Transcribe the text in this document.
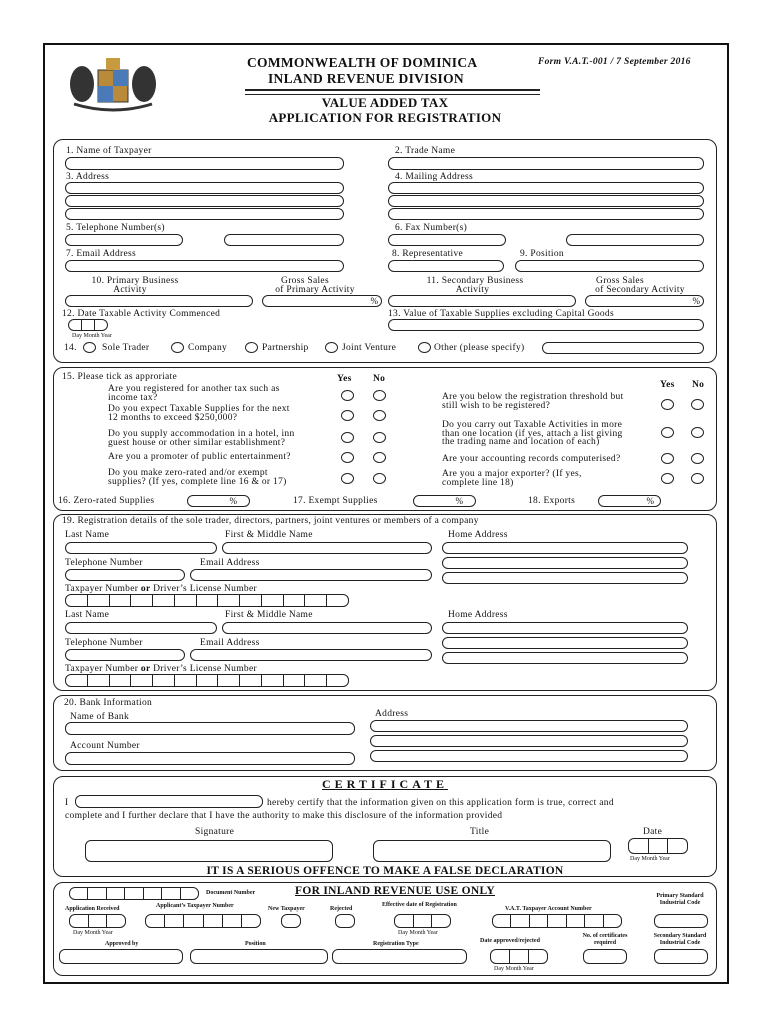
COMMONWEALTH OF DOMINICA
INLAND REVENUE DIVISION
Form V.A.T.-001 / 7 September 2016
VALUE ADDED TAX
APPLICATION FOR REGISTRATION
1. Name of Taxpayer	2. Trade Name
3. Address	4. Mailing Address
5. Telephone Number(s)	6. Fax Number(s)
7. Email Address	8. Representative	9. Position
10. Primary Business
Activity
Gross Sales
of Primary Activity
%
11. Secondary Business
Activity
Gross Sales
of Secondary Activity
%
12. Date Taxable Activity Commenced
Day Month Year
13. Value of Taxable Supplies excluding Capital Goods
14.	Sole Trader	Company	Partnership	Joint Venture	Other (please specify)
15. Please tick as approriate	Yes No
Yes No
Are you registered for another tax such as
income tax?
Do you expect Taxable Supplies for the next
12 months to exceed $250,000?
Do you supply accommodation in a hotel, inn
guest house or other similar establishment?
Are you a promoter of public entertainment?
Do you make zero-rated and/or exempt
supplies? (If yes, complete line 16 & or 17)
Are you below the registration threshold but
still wish to be registered?
Do you carry out Taxable Activities in more
than one location (if yes, attach a list giving
the trading name and location of each)
Are your accounting records computerised?
Are you a major exporter? (If yes,
complete line 18)
16. Zero-rated Supplies	%	17. Exempt Supplies	%	18. Exports	%
19. Registration details of the sole trader, directors, partners, joint ventures or members of a company
Last Name	First & Middle Name	Home Address
Telephone Number	Email Address
Taxpayer Number or Driver’s License Number
Last Name	First & Middle Name	Home Address
Telephone Number	Email Address
Taxpayer Number or Driver’s License Number
20. Bank Information
Name of Bank	Address
Account Number
CERTIFICATE
I	hereby certify that the information given on this application form is true, correct and
complete and I further declare that I have the authority to make this disclosure of the information provided
Signature	Title	Date
Day Month Year
IT IS A SERIOUS OFFENCE TO MAKE A FALSE DECLARATION
Document Number	FOR INLAND REVENUE USE ONLY
Application Received	Applicant’s Taxpayer Number	New Taxpayer	Rejected
Effective date of Registration
V.A.T. Taxpayer Account Number
Primary Standard
Industrial Code
Day Month Year	Day Month Year
Approved by	Position	Registration Type	Date approved/rejected
No. of certificates
required
Secondary Standard
Industrial Code
Day Month Year
